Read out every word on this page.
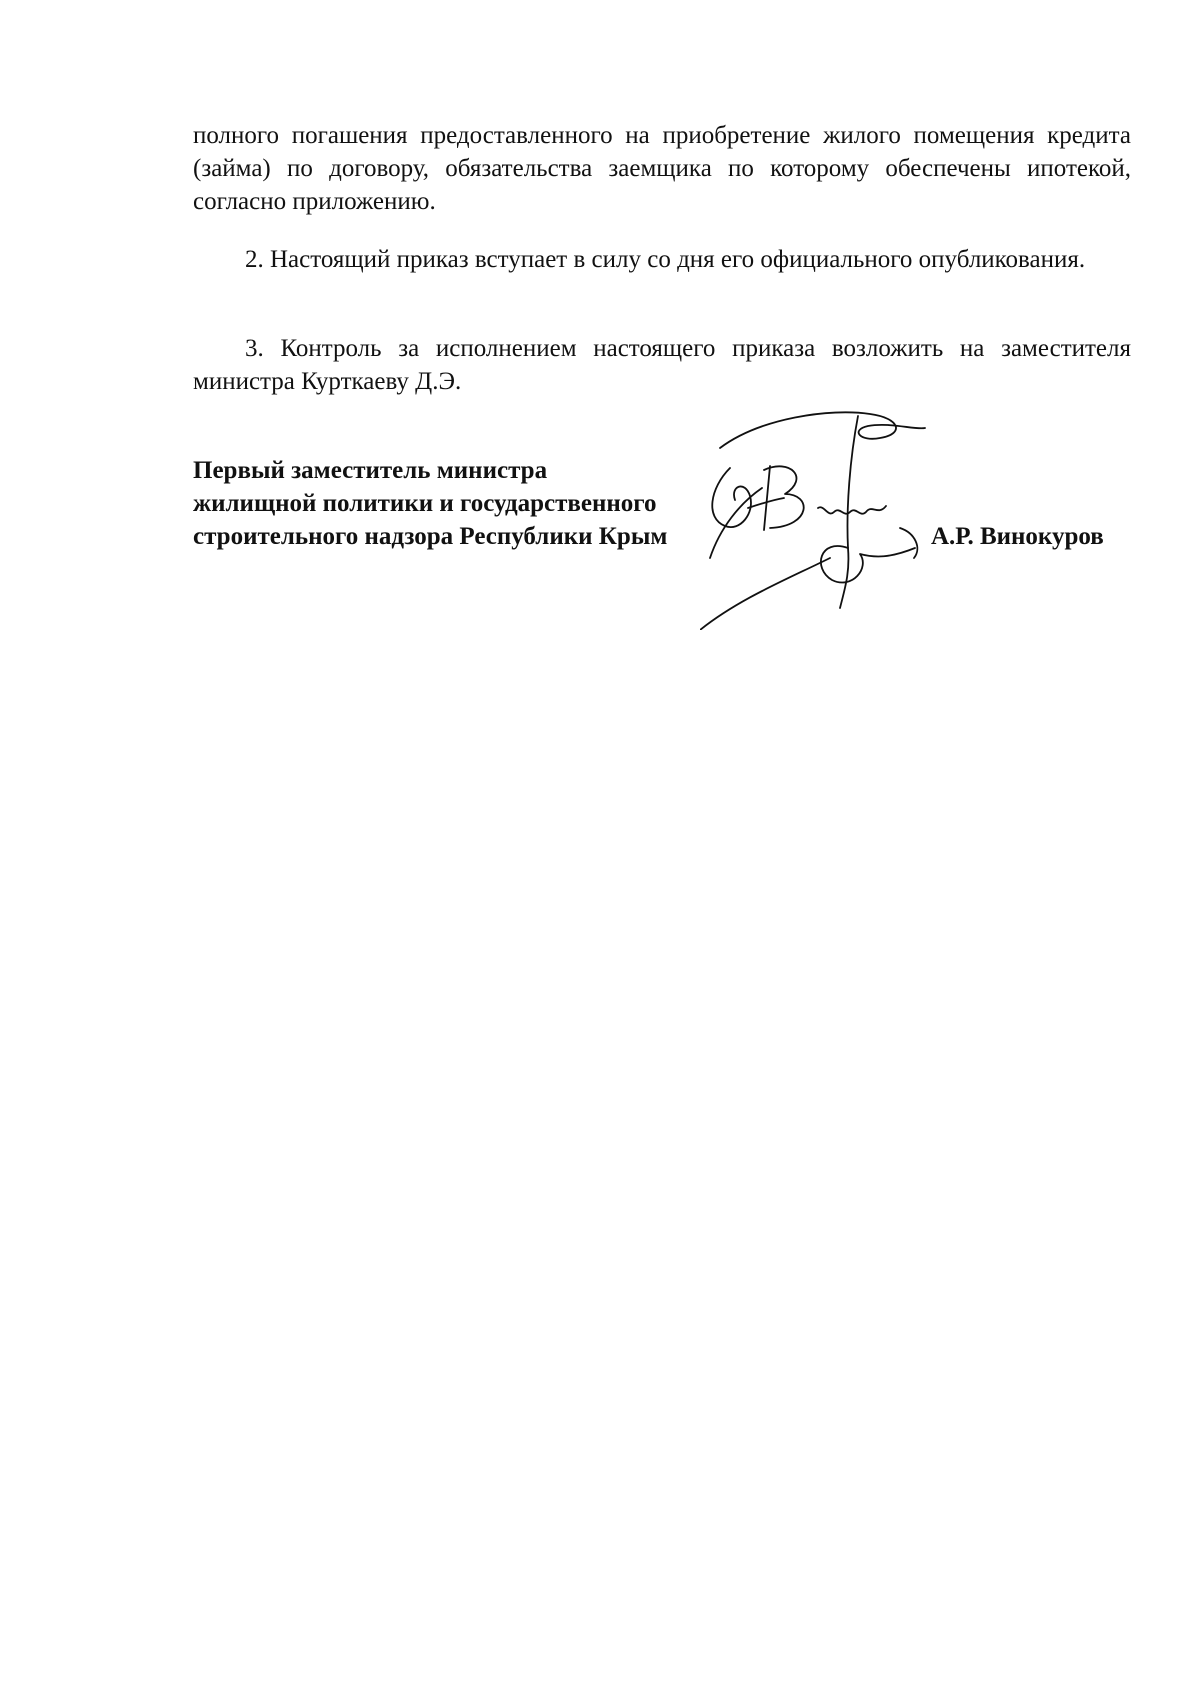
полного погашения предоставленного на приобретение жилого помещения кредита (займа) по договору, обязательства заемщика по которому обеспечены ипотекой, согласно приложению.

2. Настоящий приказ вступает в силу со дня его официального опубликования.

3. Контроль за исполнением настоящего приказа возложить на заместителя министра Курткаеву Д.Э.

Первый заместитель министра
жилищной политики и государственного
строительного надзора Республики Крым	А.Р. Винокуров
